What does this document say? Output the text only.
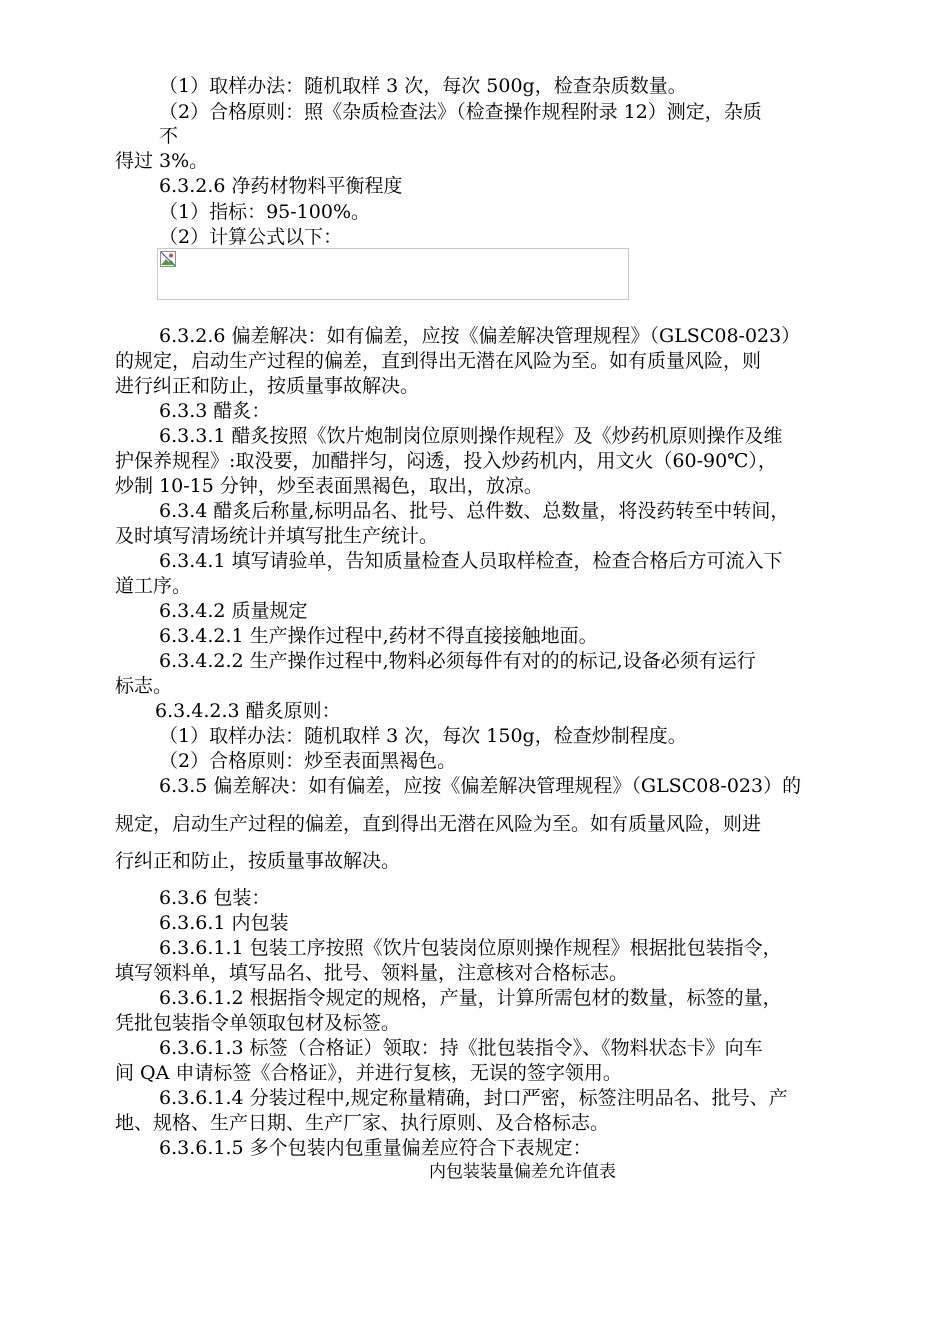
（1）取样办法：随机取样 3 次，每次 500g，检查杂质数量。
（2）合格原则：照《杂质检查法》（检查操作规程附录 12）测定，杂质
不
得过 3%。
6.3.2.6 净药材物料平衡程度
（1）指标：95-100%。
（2）计算公式以下：
6.3.2.6 偏差解决：如有偏差，应按《偏差解决管理规程》（GLSC08-023）
的规定，启动生产过程的偏差，直到得出无潜在风险为至。如有质量风险，则
进行纠正和防止，按质量事故解决。
6.3.3 醋炙：
6.3.3.1 醋炙按照《饮片炮制岗位原则操作规程》及《炒药机原则操作及维
护保养规程》:取没要，加醋拌匀，闷透，投入炒药机内，用文火（60-90℃），
炒制 10-15 分钟，炒至表面黑褐色，取出，放凉。
6.3.4 醋炙后称量,标明品名、批号、总件数、总数量，将没药转至中转间，
及时填写清场统计并填写批生产统计。
6.3.4.1 填写请验单，告知质量检查人员取样检查，检查合格后方可流入下
道工序。
6.3.4.2 质量规定
6.3.4.2.1 生产操作过程中,药材不得直接接触地面。
6.3.4.2.2 生产操作过程中,物料必须每件有对的的标记,设备必须有运行
标志。
6.3.4.2.3 醋炙原则：
（1）取样办法：随机取样 3 次，每次 150g，检查炒制程度。
（2）合格原则：炒至表面黑褐色。
6.3.5 偏差解决：如有偏差，应按《偏差解决管理规程》（GLSC08-023）的
规定，启动生产过程的偏差，直到得出无潜在风险为至。如有质量风险，则进
行纠正和防止，按质量事故解决。
6.3.6 包装：
6.3.6.1 内包装
6.3.6.1.1 包装工序按照《饮片包装岗位原则操作规程》根据批包装指令，
填写领料单，填写品名、批号、领料量，注意核对合格标志。
6.3.6.1.2 根据指令规定的规格，产量，计算所需包材的数量，标签的量，
凭批包装指令单领取包材及标签。
6.3.6.1.3 标签（合格证）领取：持《批包装指令》、《物料状态卡》向车
间 QA 申请标签《合格证》，并进行复核，无误的签字领用。
6.3.6.1.4 分装过程中,规定称量精确，封口严密，标签注明品名、批号、产
地、规格、生产日期、生产厂家、执行原则、及合格标志。
6.3.6.1.5 多个包装内包重量偏差应符合下表规定：
内包装装量偏差允许值表
